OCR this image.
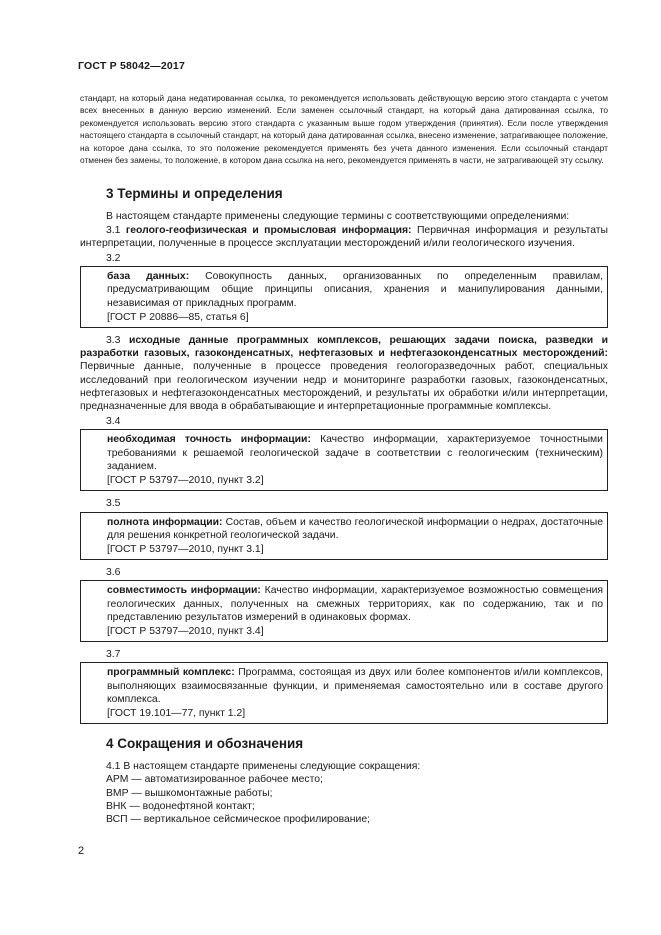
ГОСТ Р 58042—2017

стандарт, на который дана недатированная ссылка, то рекомендуется использовать действующую версию этого стандарта с учетом всех внесенных в данную версию изменений. Если заменен ссылочный стандарт, на который дана датированная ссылка, то рекомендуется использовать версию этого стандарта с указанным выше годом утверждения (принятия). Если после утверждения настоящего стандарта в ссылочный стандарт, на который дана датированная ссылка, внесено изменение, затрагивающее положение, на которое дана ссылка, то это положение рекомендуется применять без учета данного изменения. Если ссылочный стандарт отменен без замены, то положение, в котором дана ссылка на него, рекомендуется применять в части, не затрагивающей эту ссылку.

3 Термины и определения

В настоящем стандарте применены следующие термины с соответствующими определениями:

3.1 геолого-геофизическая и промысловая информация: Первичная информация и результаты интерпретации, полученные в процессе эксплуатации месторождений и/или геологического изучения.

3.2

база данных: Совокупность данных, организованных по определенным правилам, предусматривающим общие принципы описания, хранения и манипулирования данными, независимая от прикладных программ.

[ГОСТ Р 20886—85, статья 6]

3.3 исходные данные программных комплексов, решающих задачи поиска, разведки и разработки газовых, газоконденсатных, нефтегазовых и нефтегазоконденсатных месторождений: Первичные данные, полученные в процессе проведения геологоразведочных работ, специальных исследований при геологическом изучении недр и мониторинге разработки газовых, газоконденсатных, нефтегазовых и нефтегазоконденсатных месторождений, и результаты их обработки и/или интерпретации, предназначенные для ввода в обрабатывающие и интерпретационные программные комплексы.

3.4

необходимая точность информации: Качество информации, характеризуемое точностными требованиями к решаемой геологической задаче в соответствии с геологическим (техническим) заданием.

[ГОСТ Р 53797—2010, пункт 3.2]

3.5

полнота информации: Состав, объем и качество геологической информации о недрах, достаточные для решения конкретной геологической задачи.

[ГОСТ Р 53797—2010, пункт 3.1]

3.6

совместимость информации: Качество информации, характеризуемое возможностью совмещения геологических данных, полученных на смежных территориях, как по содержанию, так и по представлению результатов измерений в одинаковых формах.

[ГОСТ Р 53797—2010, пункт 3.4]

3.7

программный комплекс: Программа, состоящая из двух или более компонентов и/или комплексов, выполняющих взаимосвязанные функции, и применяемая самостоятельно или в составе другого комплекса.

[ГОСТ 19.101—77, пункт 1.2]

4 Сокращения и обозначения

4.1 В настоящем стандарте применены следующие сокращения:

АРМ — автоматизированное рабочее место;

ВМР — вышкомонтажные работы;

ВНК — водонефтяной контакт;

ВСП — вертикальное сейсмическое профилирование;

2
